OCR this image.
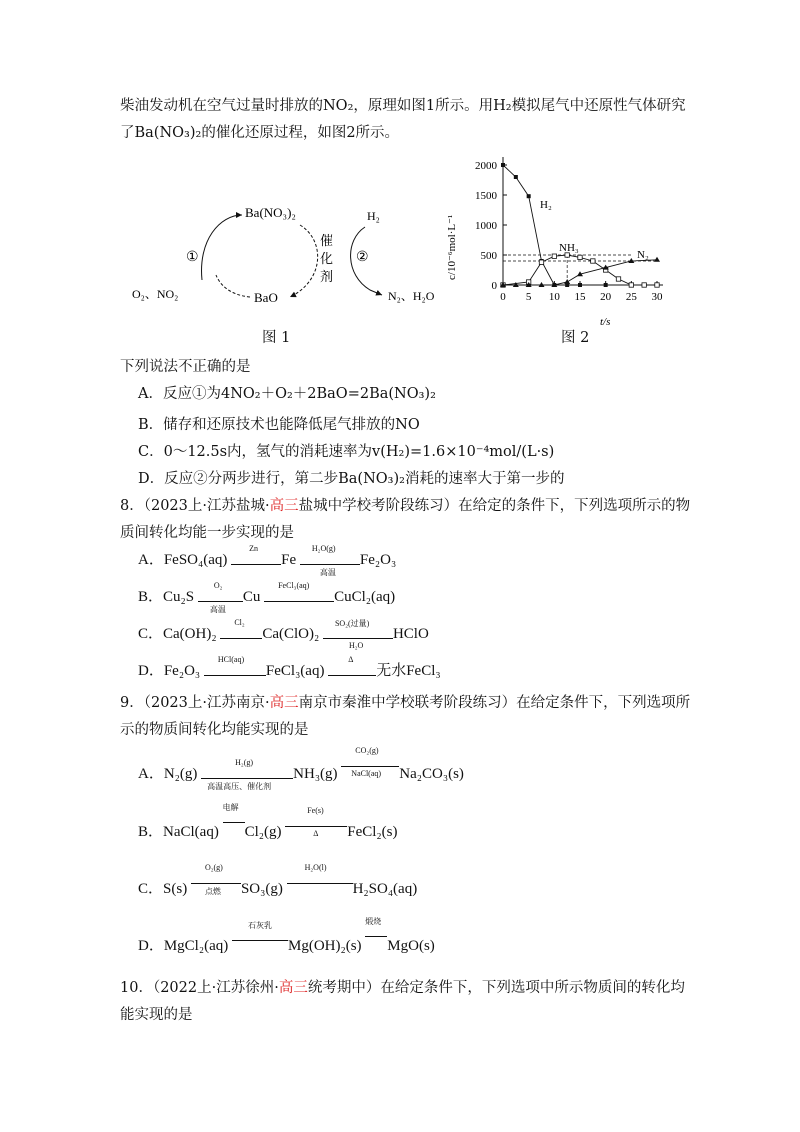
柴油发动机在空气过量时排放的NO₂，原理如图1所示。用H₂模拟尾气中还原性气体研究
了Ba(NO₃)₂的催化还原过程，如图2所示。
Ba(NO₃)₂
BaO
O₂、NO₂
①	②
H₂
N₂、H₂O
催
化
剂
图 1
2000
1500
1000
500
0
0 5 10 15 20 25 30
c/10⁻⁶mol·L⁻¹
t/s
H₂
NH₃
N₂
图 2
下列说法不正确的是
A．反应①为4NO₂＋O₂＋2BaO=2Ba(NO₃)₂
B．储存和还原技术也能降低尾气排放的NO
C．0～12.5s内，氢气的消耗速率为v(H₂)=1.6×10⁻⁴mol/(L·s)
D．反应②分两步进行，第二步Ba(NO₃)₂消耗的速率大于第一步的
8．（2023上·江苏盐城·高三盐城中学校考阶段练习）在给定的条件下，下列选项所示的物
质间转化均能一步实现的是
A．FeSO₄(aq)
Zn
Fe
H₂O(g)
高温
Fe₂O₃
B．Cu₂S
O₂
高温
Cu
FeCl₃(aq)
CuCl₂(aq)
C．Ca(OH)₂
Cl₂
Ca(ClO)₂
SO₂(过量)
H₂O
HClO
D．Fe₂O₃
HCl(aq)
FeCl₃(aq)
Δ
无水FeCl₃
9．（2023上·江苏南京·高三南京市秦淮中学校联考阶段练习）在给定条件下，下列选项所
示的物质间转化均能实现的是
A．N₂(g)
H₂(g)
高温高压、催化剂
NH₃(g)
CO₂(g)
NaCl(aq) Na₂CO₃(s)
B．NaCl(aq)
电解
Cl₂(g)
$\frac{Fe(s)}{\Delta}$
FeCl₂(s)
C．S(s)
O₂(g)
点燃 SO₃(g)
H₂O(l)
H₂SO₄(aq)
D．MgCl₂(aq)
石灰乳
Mg(OH)₂(s)
煅烧
MgO(s)
10．（2022上·江苏徐州·高三统考期中）在给定条件下，下列选项中所示物质间的转化均
能实现的是
